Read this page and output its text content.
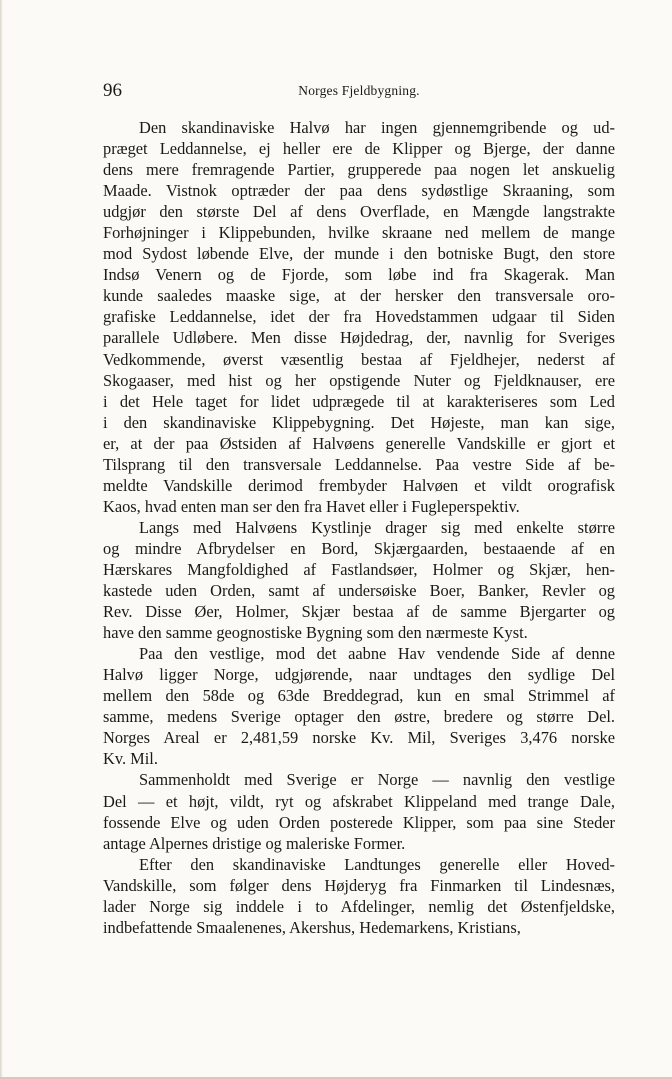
96	Norges Fjeldbygning.

Den skandinaviske Halvø har ingen gjennemgribende og ud-
præget Leddannelse, ej heller ere de Klipper og Bjerge, der danne
dens mere fremragende Partier, grupperede paa nogen let anskuelig
Maade. Vistnok optræder der paa dens sydøstlige Skraaning, som
udgjør den største Del af dens Overflade, en Mængde langstrakte
Forhøjninger i Klippebunden, hvilke skraane ned mellem de mange
mod Sydost løbende Elve, der munde i den botniske Bugt, den store
Indsø Venern og de Fjorde, som løbe ind fra Skagerak. Man
kunde saaledes maaske sige, at der hersker den transversale oro-
grafiske Leddannelse, idet der fra Hovedstammen udgaar til Siden
parallele Udløbere. Men disse Højdedrag, der, navnlig for Sveriges
Vedkommende, øverst væsentlig bestaa af Fjeldhejer, nederst af
Skogaaser, med hist og her opstigende Nuter og Fjeldknauser, ere
i det Hele taget for lidet udprægede til at karakteriseres som Led
i den skandinaviske Klippebygning. Det Højeste, man kan sige,
er, at der paa Østsiden af Halvøens generelle Vandskille er gjort et
Tilsprang til den transversale Leddannelse. Paa vestre Side af be-
meldte Vandskille derimod frembyder Halvøen et vildt orografisk
Kaos, hvad enten man ser den fra Havet eller i Fugleperspektiv.

Langs med Halvøens Kystlinje drager sig med enkelte større
og mindre Afbrydelser en Bord, Skjærgaarden, bestaaende af en
Hærskares Mangfoldighed af Fastlandsøer, Holmer og Skjær, hen-
kastede uden Orden, samt af undersøiske Boer, Banker, Revler og
Rev. Disse Øer, Holmer, Skjær bestaa af de samme Bjergarter og
have den samme geognostiske Bygning som den nærmeste Kyst.

Paa den vestlige, mod det aabne Hav vendende Side af denne
Halvø ligger Norge, udgjørende, naar undtages den sydlige Del
mellem den 58de og 63de Breddegrad, kun en smal Strimmel af
samme, medens Sverige optager den østre, bredere og større Del.
Norges Areal er 2,481,59 norske Kv. Mil, Sveriges 3,476 norske
Kv. Mil.

Sammenholdt med Sverige er Norge — navnlig den vestlige
Del — et højt, vildt, ryt og afskrabet Klippeland med trange Dale,
fossende Elve og uden Orden posterede Klipper, som paa sine Steder
antage Alpernes dristige og maleriske Former.

Efter den skandinaviske Landtunges generelle eller Hoved-
Vandskille, som følger dens Højderyg fra Finmarken til Lindesnæs,
lader Norge sig inddele i to Afdelinger, nemlig det Østenfjeldske,
indbefattende Smaalenenes, Akershus, Hedemarkens, Kristians,
